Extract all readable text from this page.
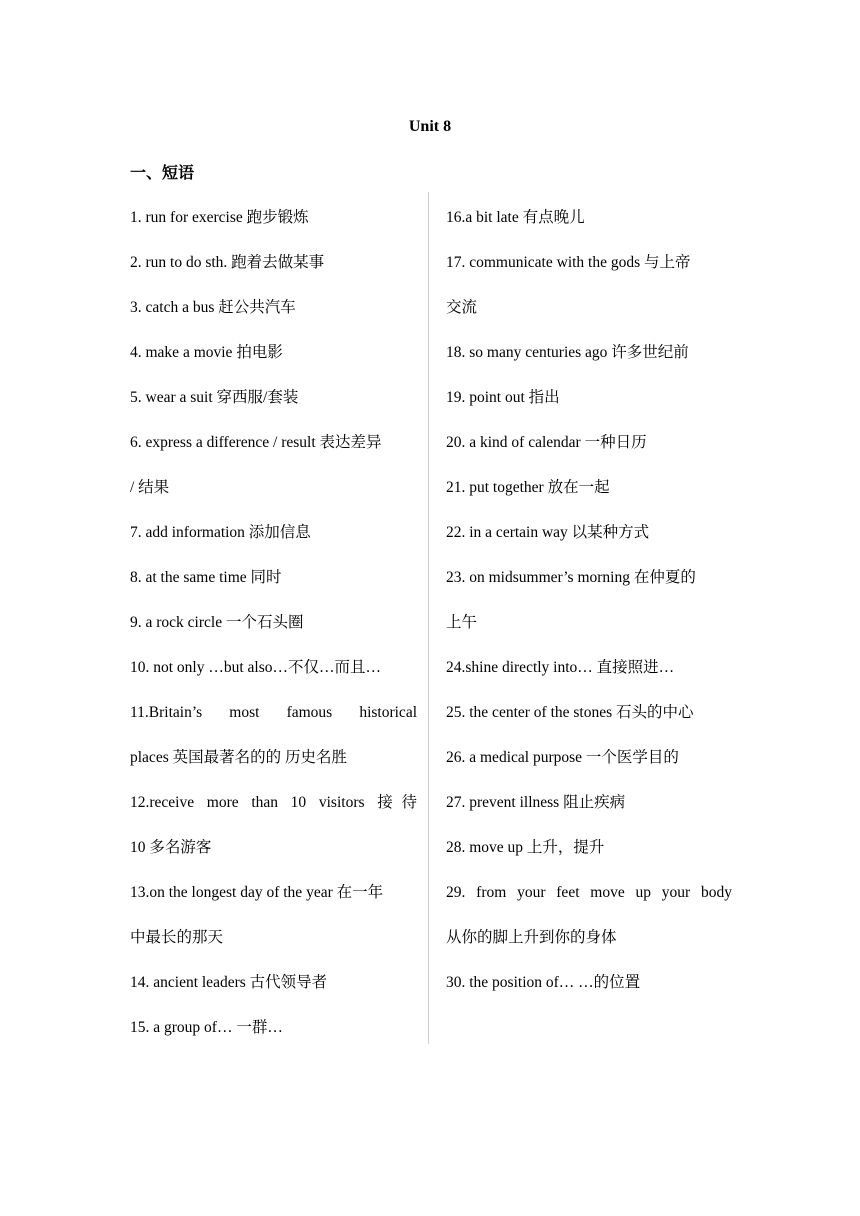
Unit 8
一、短语
1. run for exercise 跑步锻炼
2. run to do sth. 跑着去做某事
3. catch a bus 赶公共汽车
4. make a movie 拍电影
5. wear a suit 穿西服/套装
6. express a difference / result 表达差异
/ 结果
7. add information 添加信息
8. at the same time 同时
9. a rock circle 一个石头圈
10. not only …but also…不仅…而且…
11.Britain’s most famous historical
places 英国最著名的的 历史名胜
12.receive more than 10 visitors 接待
10 多名游客
13.on the longest day of the year 在一年
中最长的那天
14. ancient leaders 古代领导者
15. a group of… 一群…
16.a bit late 有点晚儿
17. communicate with the gods 与上帝
交流
18. so many centuries ago 许多世纪前
19. point out 指出
20. a kind of calendar 一种日历
21. put together 放在一起
22. in a certain way 以某种方式
23. on midsummer’s morning 在仲夏的
上午
24.shine directly into… 直接照进…
25. the center of the stones 石头的中心
26. a medical purpose 一个医学目的
27. prevent illness 阻止疾病
28. move up 上升，提升
29. from your feet move up your body
从你的脚上升到你的身体
30. the position of… …的位置
